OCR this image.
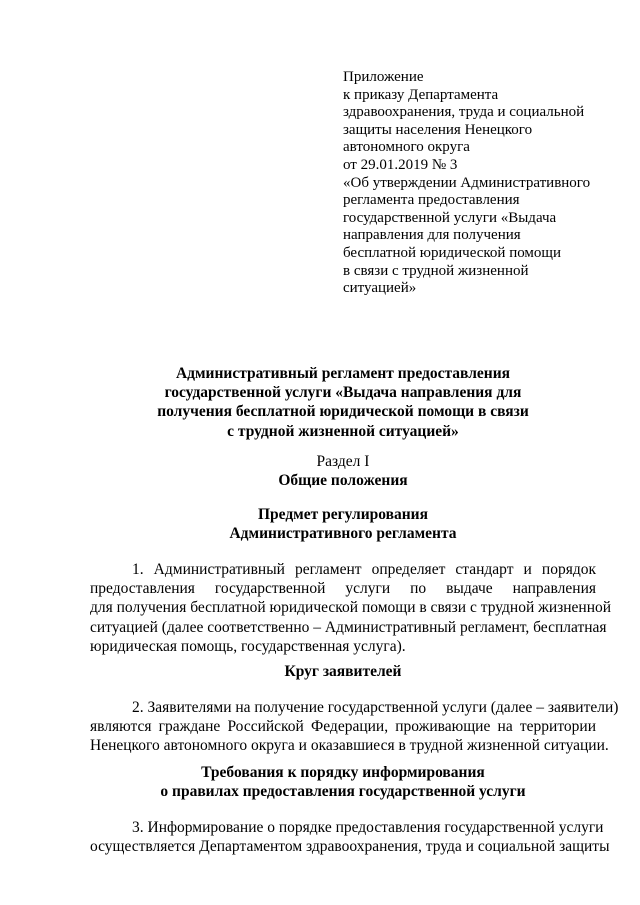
Приложение
к приказу Департамента
здравоохранения, труда и социальной
защиты населения Ненецкого
автономного округа
от 29.01.2019 № 3
«Об утверждении Административного
регламента предоставления
государственной услуги «Выдача
направления для получения
бесплатной юридической помощи
в связи с трудной жизненной
ситуацией»
Административный регламент предоставления
государственной услуги «Выдача направления для
получения бесплатной юридической помощи в связи
с трудной жизненной ситуацией»
Раздел I
Общие положения
Предмет регулирования
Административного регламента
1. Административный регламент определяет стандарт и порядок
предоставления государственной услуги по выдаче направления
для получения бесплатной юридической помощи в связи с трудной жизненной
ситуацией (далее соответственно – Административный регламент, бесплатная
юридическая помощь, государственная услуга).
Круг заявителей
2. Заявителями на получение государственной услуги (далее – заявители)
являются граждане Российской Федерации, проживающие на территории
Ненецкого автономного округа и оказавшиеся в трудной жизненной ситуации.
Требования к порядку информирования
о правилах предоставления государственной услуги
3. Информирование о порядке предоставления государственной услуги
осуществляется Департаментом здравоохранения, труда и социальной защиты
